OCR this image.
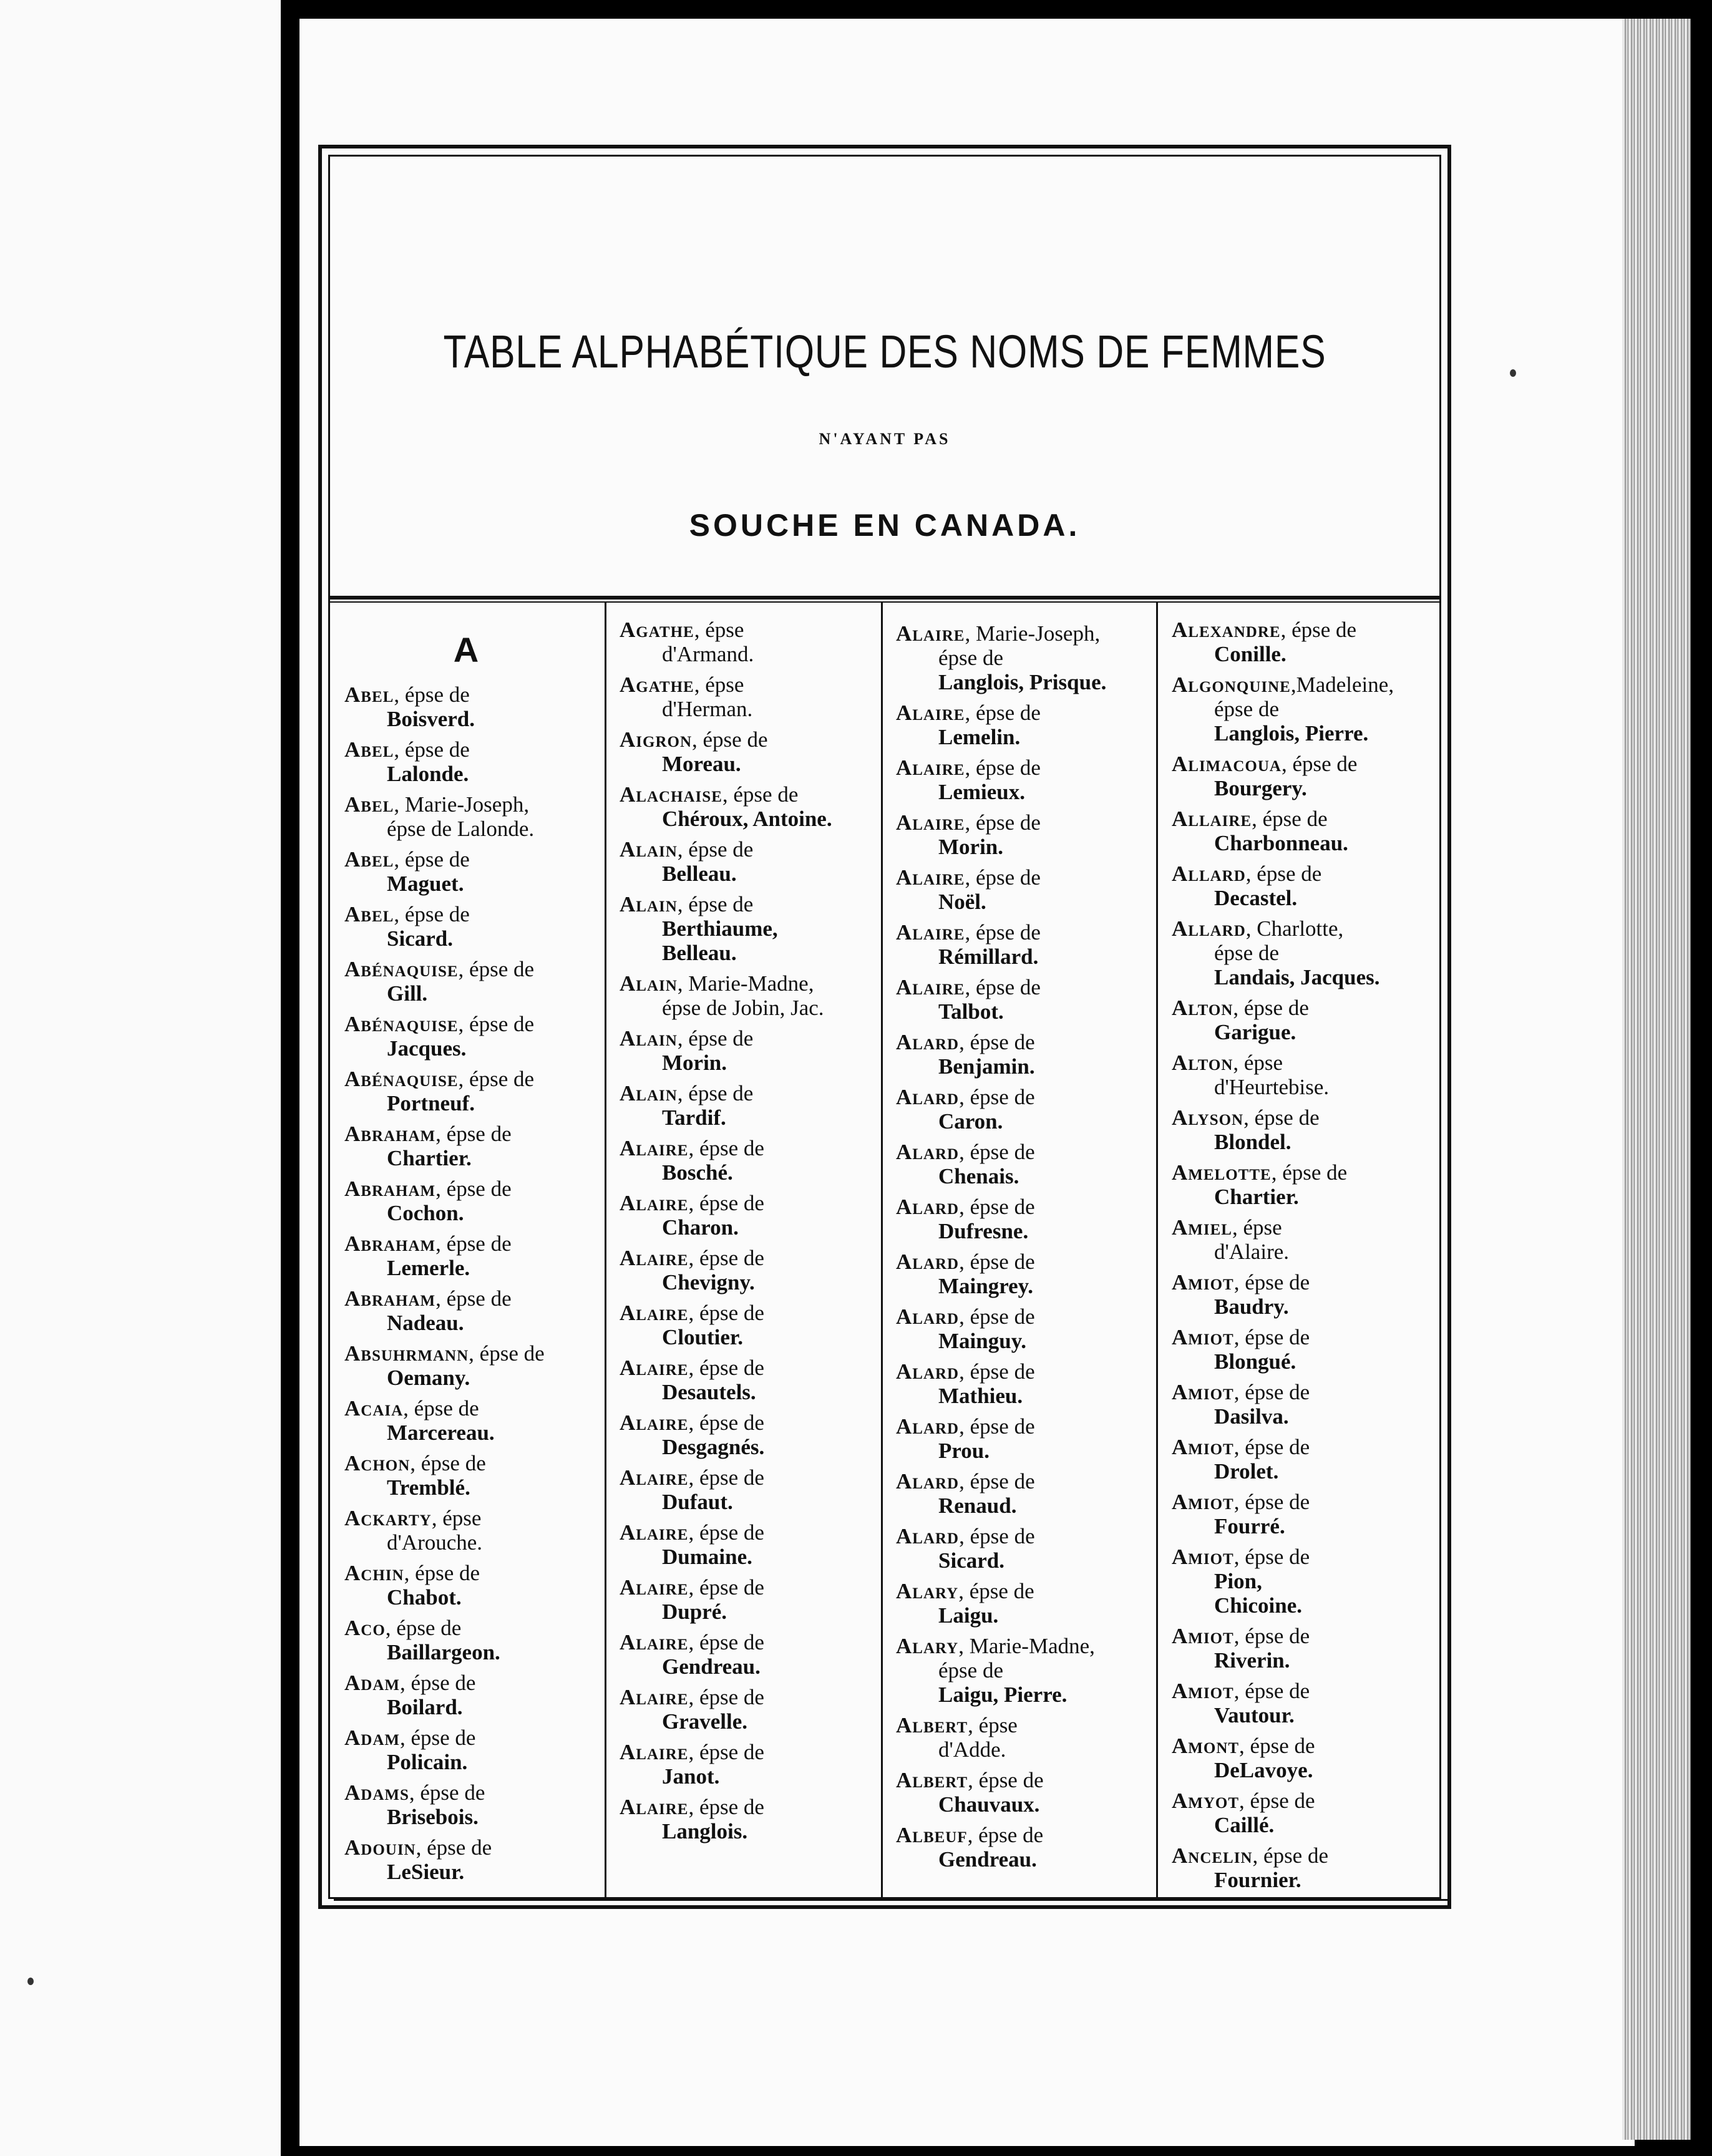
TABLE ALPHABÉTIQUE DES NOMS DE FEMMES
N'AYANT PAS
SOUCHE EN CANADA.
A
Abel, épse de
Boisverd.
Abel, épse de
Lalonde.
Abel, Marie-Joseph,
épse de Lalonde.
Abel, épse de
Maguet.
Abel, épse de
Sicard.
Abénaquise, épse de
Gill.
Abénaquise, épse de
Jacques.
Abénaquise, épse de
Portneuf.
Abraham, épse de
Chartier.
Abraham, épse de
Cochon.
Abraham, épse de
Lemerle.
Abraham, épse de
Nadeau.
Absuhrmann, épse de
Oemany.
Acaia, épse de
Marcereau.
Achon, épse de
Tremblé.
Ackarty, épse
d'Arouche.
Achin, épse de
Chabot.
Aco, épse de
Baillargeon.
Adam, épse de
Boilard.
Adam, épse de
Policain.
Adams, épse de
Brisebois.
Adouin, épse de
LeSieur.
Agathe, épse
d'Armand.
Agathe, épse
d'Herman.
Aigron, épse de
Moreau.
Alachaise, épse de
Chéroux, Antoine.
Alain, épse de
Belleau.
Alain, épse de
Berthiaume,
Belleau.
Alain, Marie-Madne,
épse de Jobin, Jac.
Alain, épse de
Morin.
Alain, épse de
Tardif.
Alaire, épse de
Bosché.
Alaire, épse de
Charon.
Alaire, épse de
Chevigny.
Alaire, épse de
Cloutier.
Alaire, épse de
Desautels.
Alaire, épse de
Desgagnés.
Alaire, épse de
Dufaut.
Alaire, épse de
Dumaine.
Alaire, épse de
Dupré.
Alaire, épse de
Gendreau.
Alaire, épse de
Gravelle.
Alaire, épse de
Janot.
Alaire, épse de
Langlois.
Alaire, Marie-Joseph,
épse de
Langlois, Prisque.
Alaire, épse de
Lemelin.
Alaire, épse de
Lemieux.
Alaire, épse de
Morin.
Alaire, épse de
Noël.
Alaire, épse de
Rémillard.
Alaire, épse de
Talbot.
Alard, épse de
Benjamin.
Alard, épse de
Caron.
Alard, épse de
Chenais.
Alard, épse de
Dufresne.
Alard, épse de
Maingrey.
Alard, épse de
Mainguy.
Alard, épse de
Mathieu.
Alard, épse de
Prou.
Alard, épse de
Renaud.
Alard, épse de
Sicard.
Alary, épse de
Laigu.
Alary, Marie-Madne,
épse de
Laigu, Pierre.
Albert, épse
d'Adde.
Albert, épse de
Chauvaux.
Albeuf, épse de
Gendreau.
Alexandre, épse de
Conille.
Algonquine,Madeleine,
épse de
Langlois, Pierre.
Alimacoua, épse de
Bourgery.
Allaire, épse de
Charbonneau.
Allard, épse de
Decastel.
Allard, Charlotte,
épse de
Landais, Jacques.
Alton, épse de
Garigue.
Alton, épse
d'Heurtebise.
Alyson, épse de
Blondel.
Amelotte, épse de
Chartier.
Amiel, épse
d'Alaire.
Amiot, épse de
Baudry.
Amiot, épse de
Blongué.
Amiot, épse de
Dasilva.
Amiot, épse de
Drolet.
Amiot, épse de
Fourré.
Amiot, épse de
Pion,
Chicoine.
Amiot, épse de
Riverin.
Amiot, épse de
Vautour.
Amont, épse de
DeLavoye.
Amyot, épse de
Caillé.
Ancelin, épse de
Fournier.
